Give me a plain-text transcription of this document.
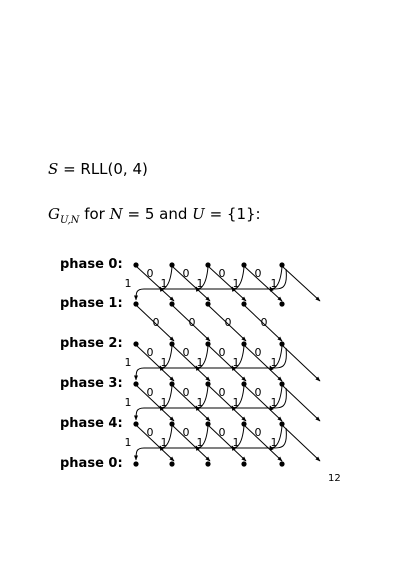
S = RLL(0, 4)
$G_{U,N}$ for N = 5 and U = {1}:
phase 0:
phase 1:
phase 2:
phase 3:
phase 4:
phase 0:
0	0
1
0
1
0
1	1
1
0	0	0	0
0	0
1
0
1
0
1	1
1
0	0
1
0
1
0
1	1
1
0	0
1
0
1
0
1	1
1
12
